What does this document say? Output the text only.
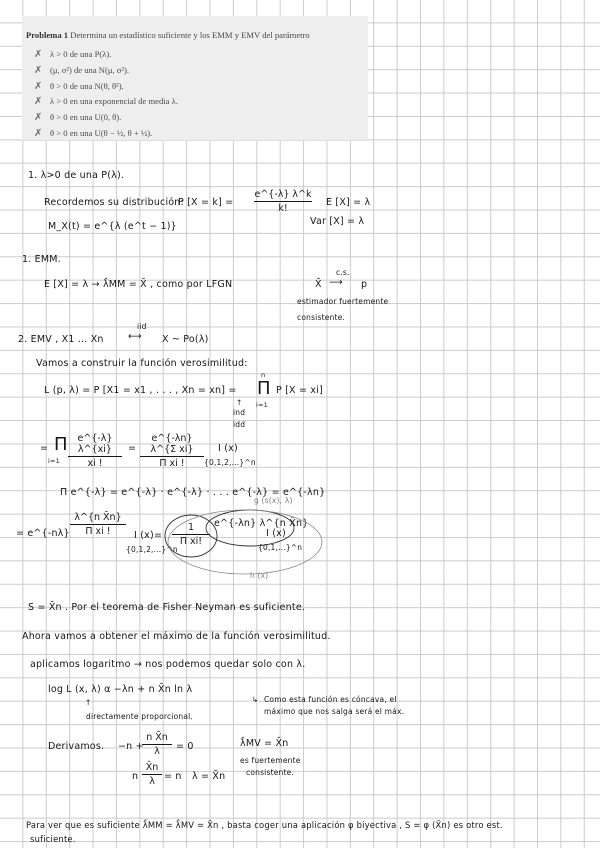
Problema 1 Determina un estadístico suficiente y los EMM y EMV del parámetro
✗ λ > 0 de una P(λ).
✗ (μ, σ²) de una N(μ, σ²).
✗ θ > 0 de una N(θ, θ²).
✗ λ > 0 en una exponencial de media λ.
✗ θ > 0 en una U(0, θ).
✗ θ > 0 en una U(θ − ½, θ + ½).
1. λ>0 de una P(λ).
Recordemos su distribución:
P [X = k] =
e^{-λ} λ^k
k!
E [X] = λ
Var [X] = λ
M_X(t) = e^{λ (e^t − 1)}
1. EMM.
E [X] = λ → λ̂MM = X̄ , como por LFGN	X̄
c.s.
⟶ p
estimador fuertemente
consistente.
2. EMV , X1 ... Xn
iid
⟷ X ~ Po(λ)
Vamos a construir la función verosimilitud:
L (p, λ) = P [X1 = x1 , . . . , Xn = xn] =
n
Π
i=1
P [X = xi]
↑
ind
idd
= Π
i=1
e^{-λ} λ^{xi}
xi !
=
e^{-λn} λ^{Σ xi}
Π xi !
I (x)
{0,1,2,...}^n
Π e^{-λ} = e^{-λ} · e^{-λ} · . . . e^{-λ} = e^{-λn}
g (s(x), λ)
= e^{-nλ}
λ^{n X̄n}
Π xi !	I (x)
{0,1,2,...}^n
=
1
Π xi!
e^{-λn} λ^{n X̄n}
I (x)
{0,1,...}^n
h (x)
S = X̄n . Por el teorema de Fisher Neyman es suficiente.
Ahora vamos a obtener el máximo de la función verosimilitud.
aplicamos logaritmo → nos podemos quedar solo con λ.
log L (x, λ) α −λn + n X̄n ln λ
↑
directamente proporcional.
↳ Como esta función es cóncava, el
máximo que nos salga será el máx.
Derivamos. −n +
n X̄n
λ	= 0	λ̂MV = X̄n
es fuertemente
consistente.
n
X̄n
λ = n λ = X̄n
Para ver que es suficiente λ̂MM = λ̂MV = X̄n , basta coger una aplicación φ biyectiva , S = φ (X̄n) es otro est.
suficiente.
